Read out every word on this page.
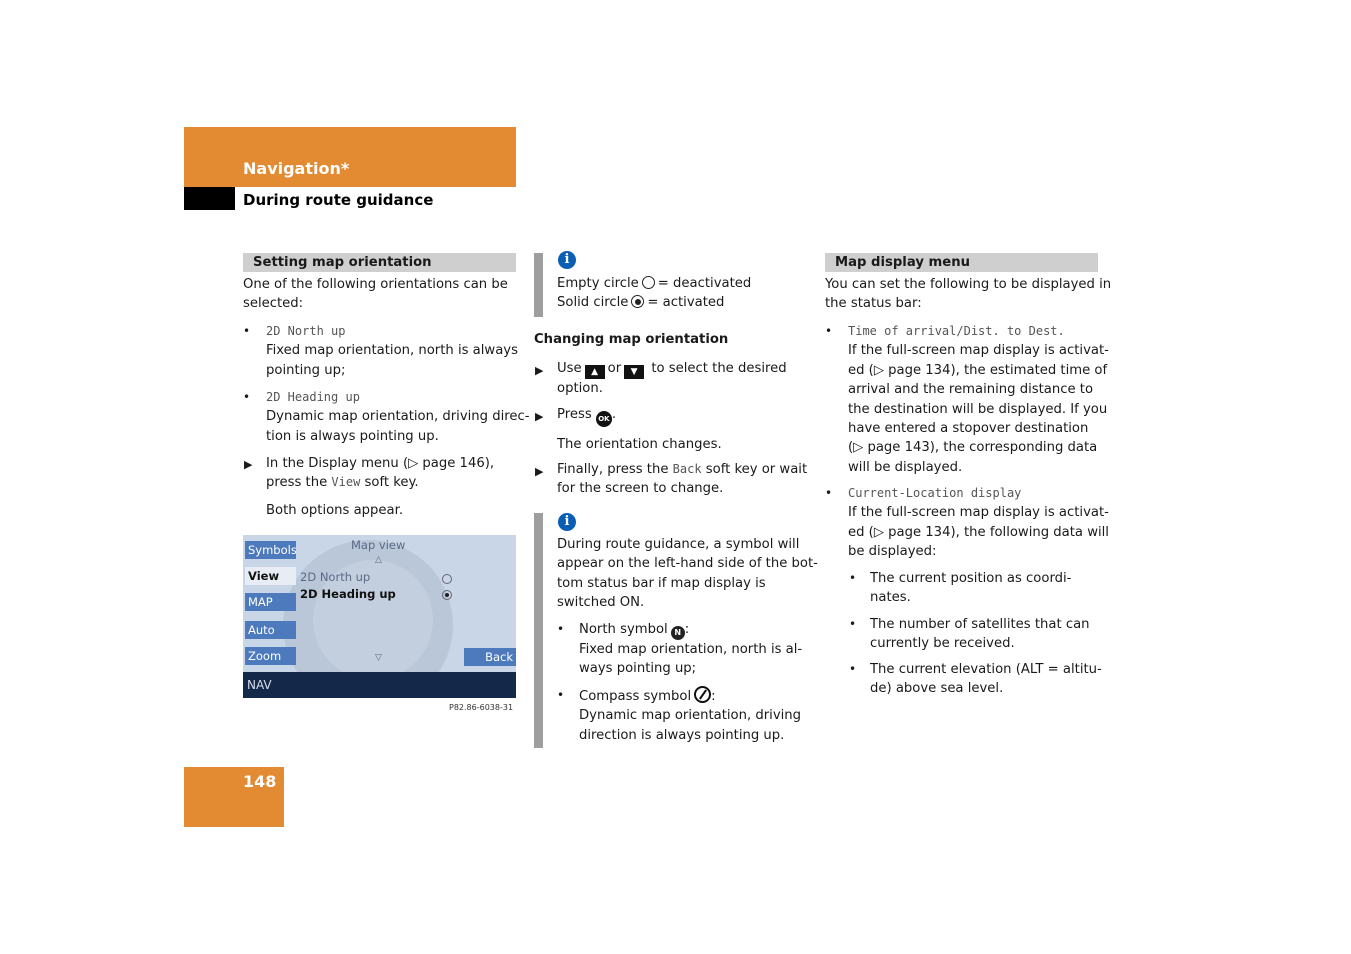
Navigation*
During route guidance
Setting map orientation
One of the following orientations can be
selected:
• 2D North up
Fixed map orientation, north is always
pointing up;
• 2D Heading up
Dynamic map orientation, driving direc-
tion is always pointing up.
▶ In the Display menu (▷ page 146),
press the View soft key.
Both options appear.
Symbols
View
MAP
Auto
Zoom
Map view
△
2D North up
2D Heading up
▽	Back
NAV
P82.86-6038-31
i
Empty circle = deactivated
Solid circle = activated
Changing map orientation
▶ Use ▲ or ▼ to select the desired
option.
▶ Press OK .
The orientation changes.
▶ Finally, press the Back soft key or wait
for the screen to change.
i
During route guidance, a symbol will
appear on the left-hand side of the bot-
tom status bar if map display is
switched ON.
• North symbol N :
Fixed map orientation, north is al-
ways pointing up;
• Compass symbol :
Dynamic map orientation, driving
direction is always pointing up.
Map display menu
You can set the following to be displayed in
the status bar:
• Time of arrival/Dist. to Dest.
If the full-screen map display is activat-
ed (▷ page 134), the estimated time of
arrival and the remaining distance to
the destination will be displayed. If you
have entered a stopover destination
(▷ page 143), the corresponding data
will be displayed.
• Current-Location display
If the full-screen map display is activat-
ed (▷ page 134), the following data will
be displayed:
• The current position as coordi-
nates.
• The number of satellites that can
currently be received.
• The current elevation (ALT = altitu-
de) above sea level.
148
